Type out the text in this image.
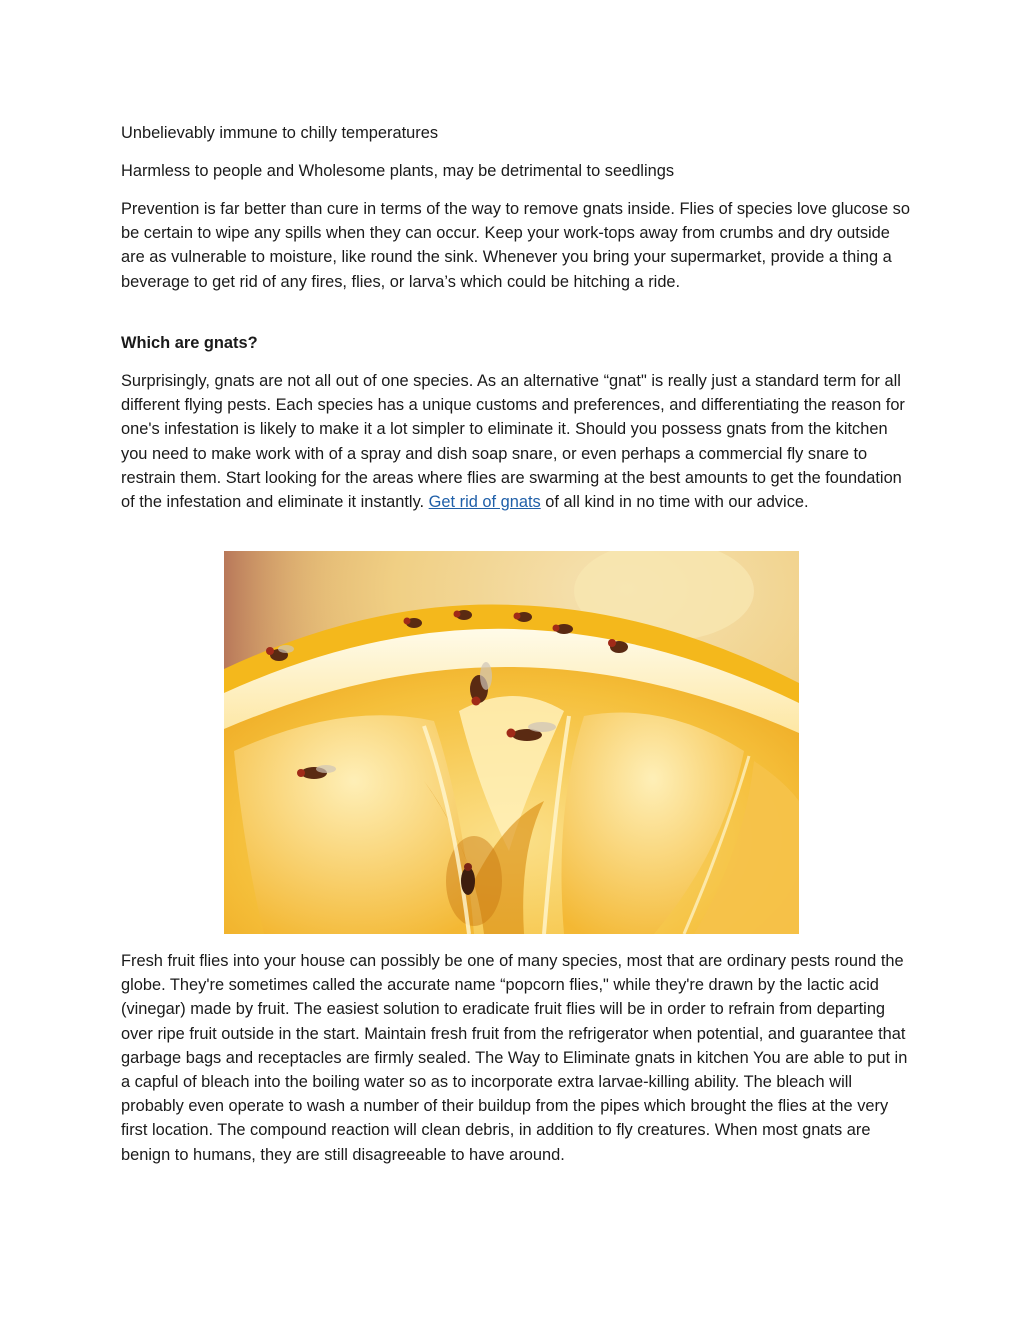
Unbelievably immune to chilly temperatures

Harmless to people and Wholesome plants, may be detrimental to seedlings

Prevention is far better than cure in terms of the way to remove gnats inside. Flies of species love glucose so be certain to wipe any spills when they can occur. Keep your work-tops away from crumbs and dry outside are as vulnerable to moisture, like round the sink. Whenever you bring your supermarket, provide a thing a beverage to get rid of any fires, flies, or larva’s which could be hitching a ride.

Which are gnats?

Surprisingly, gnats are not all out of one species. As an alternative “gnat" is really just a standard term for all different flying pests. Each species has a unique customs and preferences, and differentiating the reason for one's infestation is likely to make it a lot simpler to eliminate it. Should you possess gnats from the kitchen you need to make work with of a spray and dish soap snare, or even perhaps a commercial fly snare to restrain them. Start looking for the areas where flies are swarming at the best amounts to get the foundation of the infestation and eliminate it instantly. Get rid of gnats of all kind in no time with our advice.

Fresh fruit flies into your house can possibly be one of many species, most that are ordinary pests round the globe. They're sometimes called the accurate name “popcorn flies," while they're drawn by the lactic acid (vinegar) made by fruit. The easiest solution to eradicate fruit flies will be in order to refrain from departing over ripe fruit outside in the start. Maintain fresh fruit from the refrigerator when potential, and guarantee that garbage bags and receptacles are firmly sealed. The Way to Eliminate gnats in kitchen You are able to put in a capful of bleach into the boiling water so as to incorporate extra larvae-killing ability. The bleach will probably even operate to wash a number of their buildup from the pipes which brought the flies at the very first location. The compound reaction will clean debris, in addition to fly creatures. When most gnats are benign to humans, they are still disagreeable to have around.
